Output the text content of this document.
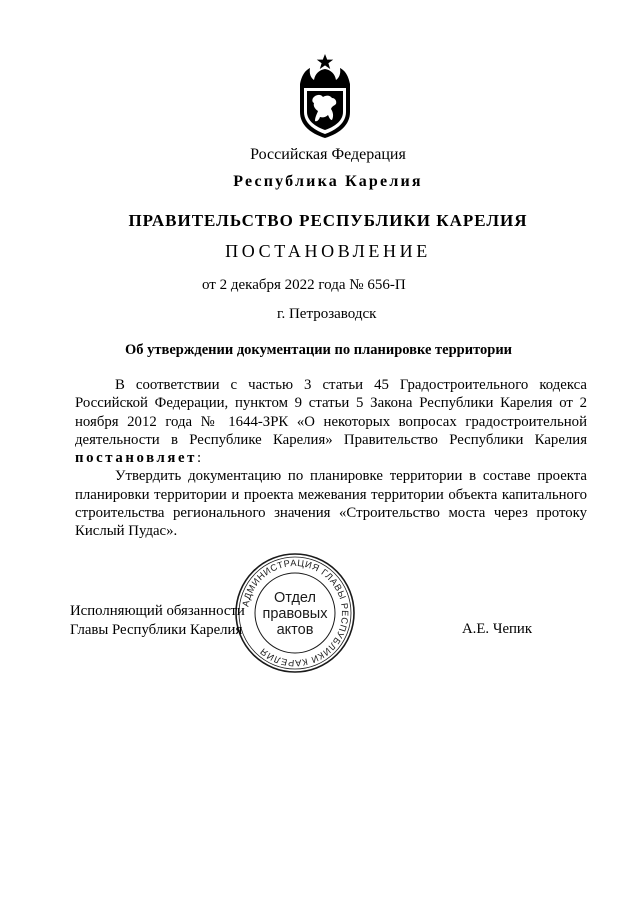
Российская Федерация
Республика Карелия
ПРАВИТЕЛЬСТВО РЕСПУБЛИКИ КАРЕЛИЯ
ПОСТАНОВЛЕНИЕ
от 2 декабря 2022 года № 656-П
г. Петрозаводск
Об утверждении документации по планировке территории

В соответствии с частью 3 статьи 45 Градостроительного кодекса Российской Федерации, пунктом 9 статьи 5 Закона Республики Карелия от 2 ноября 2012 года № 1644-ЗРК «О некоторых вопросах градостроительной деятельности в Республике Карелия» Правительство Республики Карелия постановляет:

Утвердить документацию по планировке территории в составе проекта планировки территории и проекта межевания территории объекта капитального строительства регионального значения «Строительство моста через протоку Кислый Пудас».

АДМИНИСТРАЦИЯ ГЛАВЫ РЕСПУБЛИКИ КАРЕЛИЯ
Отдел
правовых
актов
Исполняющий обязанности
Главы Республики Карелия	А.Е. Чепик
